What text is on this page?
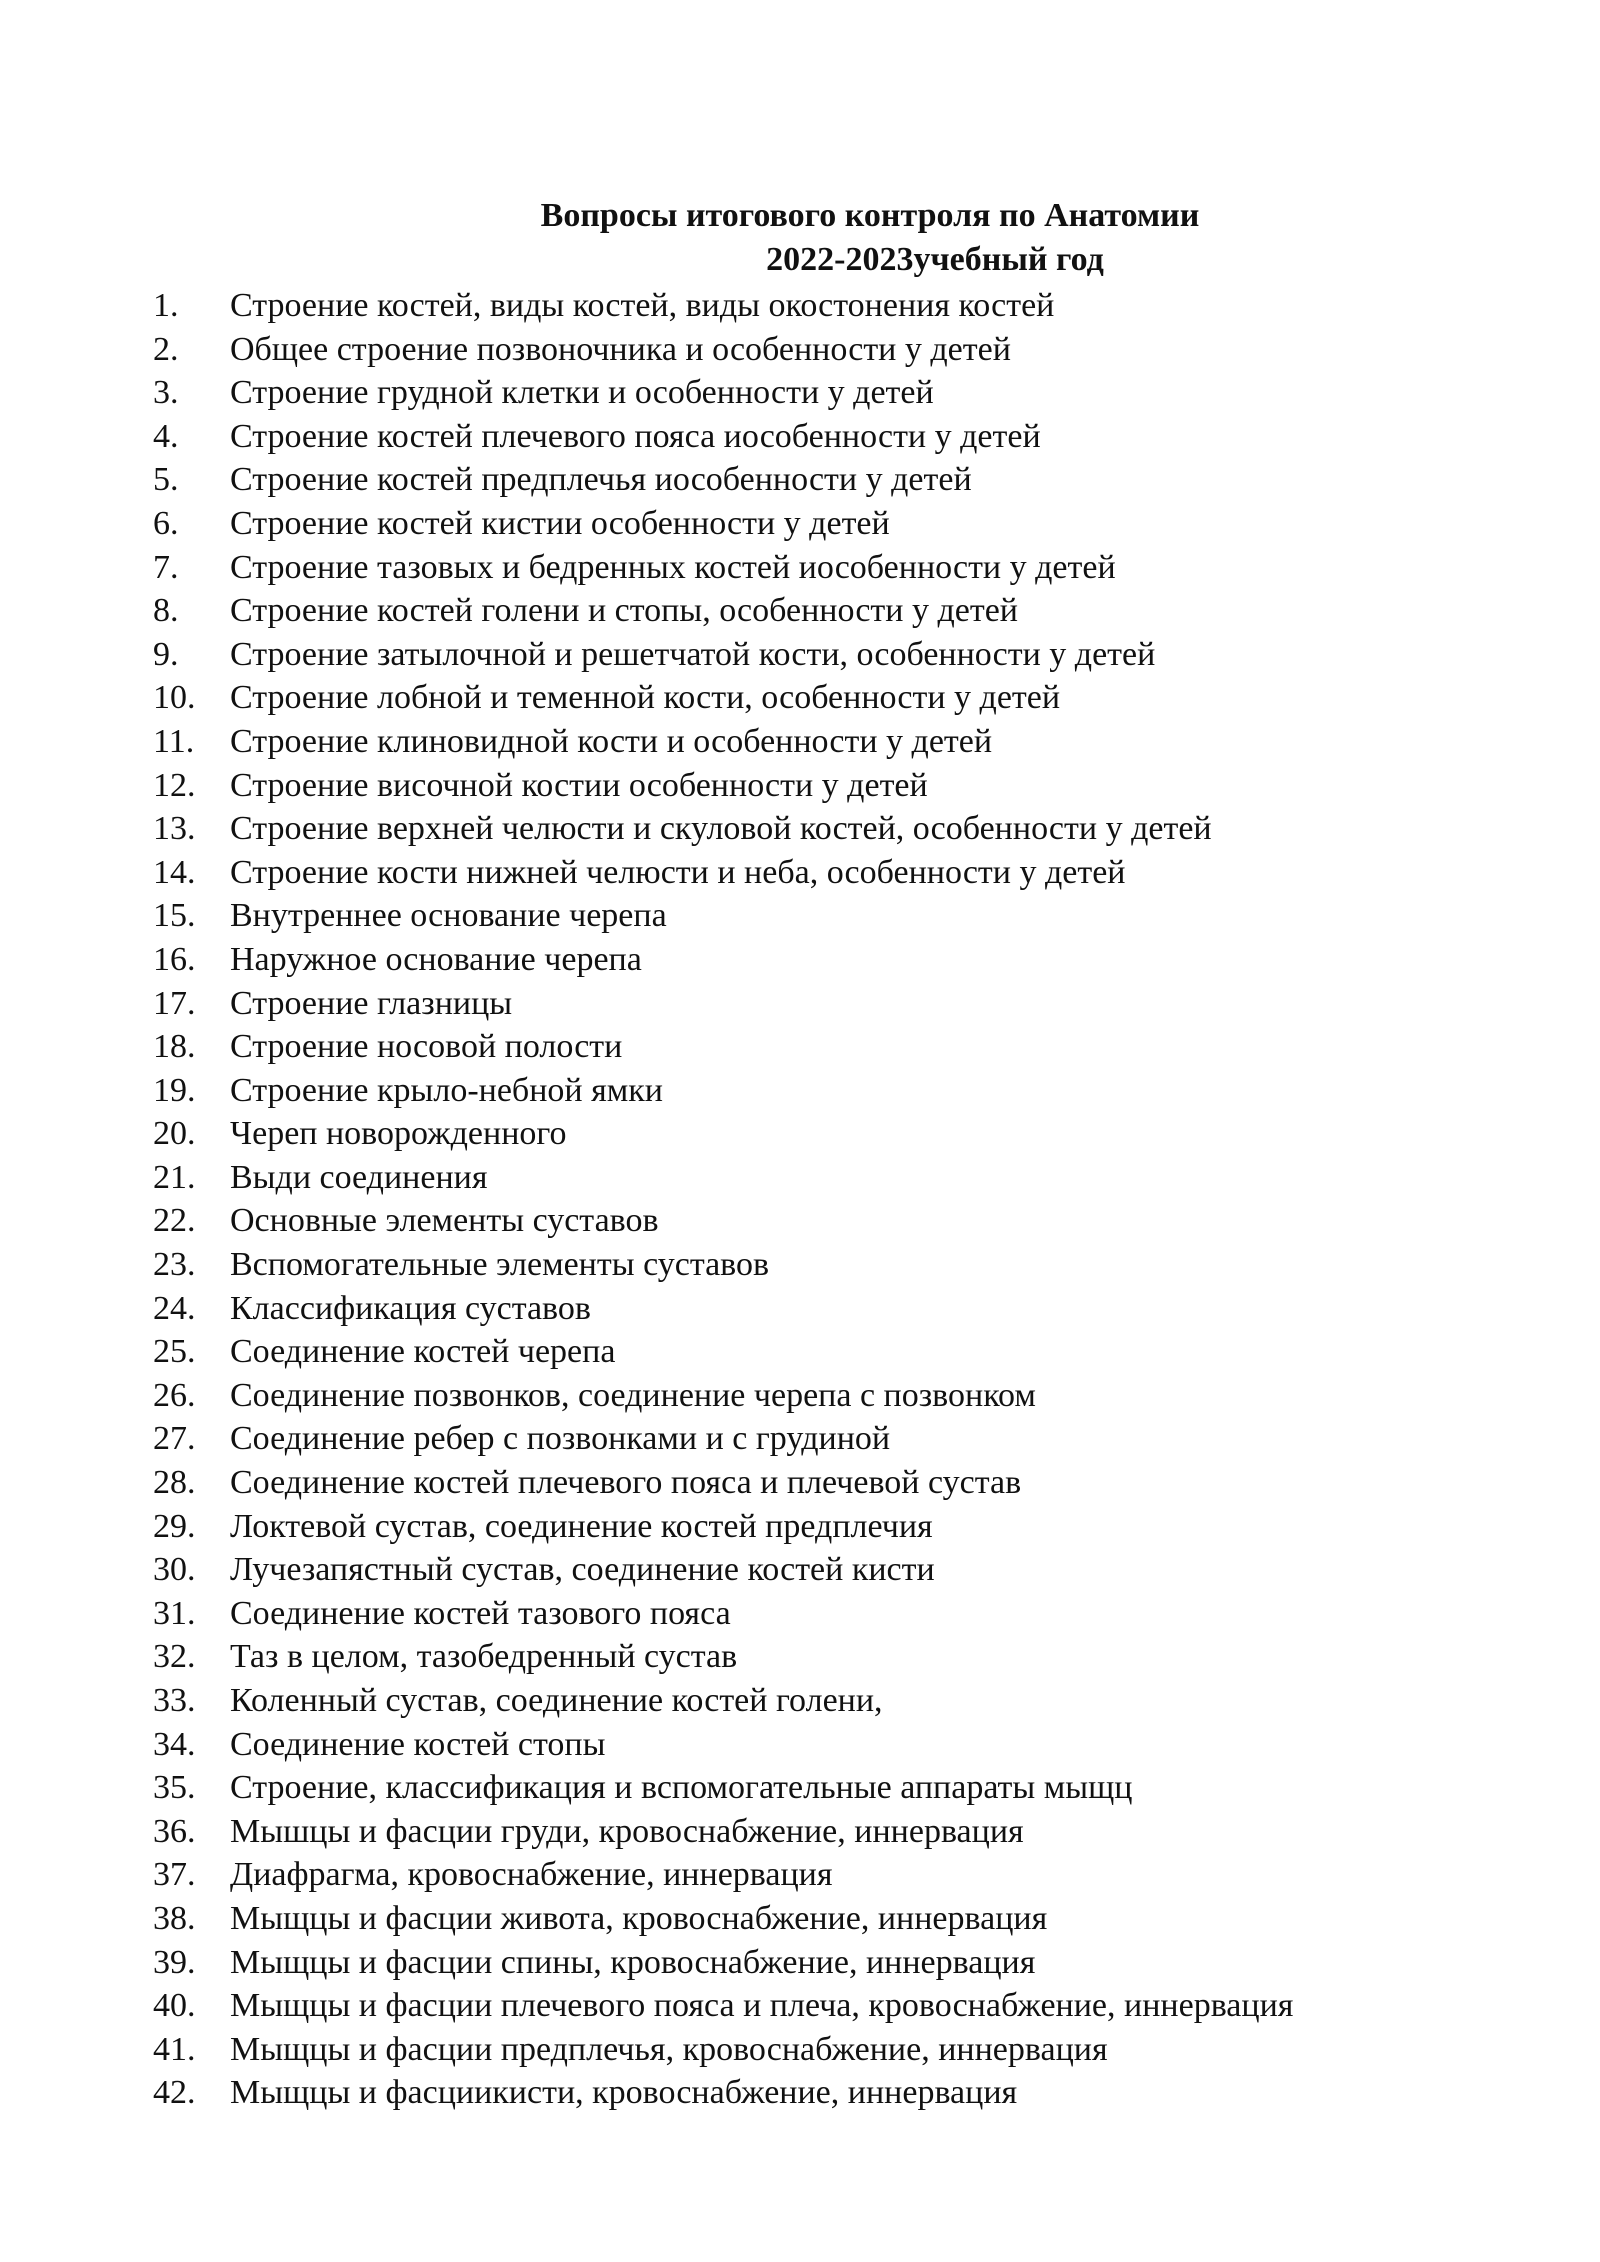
Вопросы итогового контроля по Анатомии
2022-2023учебный год
1. Строение костей, виды костей, виды окостонения костей
2. Общее строение позвоночника и особенности у детей
3. Строение грудной клетки и особенности у детей
4. Строение костей плечевого пояса иособенности у детей
5. Строение костей предплечья иособенности у детей
6. Строение костей кистии особенности у детей
7. Строение тазовых и бедренных костей иособенности у детей
8. Строение костей голени и стопы, особенности у детей
9. Строение затылочной и решетчатой кости, особенности у детей
10. Строение лобной и теменной кости, особенности у детей
11. Строение клиновидной кости и особенности у детей
12. Строение височной костии особенности у детей
13. Строение верхней челюсти и скуловой костей, особенности у детей
14. Строение кости нижней челюсти и неба, особенности у детей
15. Внутреннее основание черепа
16. Наружное основание черепа
17. Строение глазницы
18. Строение носовой полости
19. Строение крыло-небной ямки
20. Череп новорожденного
21. Выди соединения
22. Основные элементы суставов
23. Вспомогательные элементы суставов
24. Классификация суставов
25. Соединение костей черепа
26. Соединение позвонков, соединение черепа с позвонком
27. Соединение ребер с позвонками и с грудиной
28. Соединение костей плечевого пояса и плечевой сустав
29. Локтевой сустав, соединение костей предплечия
30. Лучезапястный сустав, соединение костей кисти
31. Соединение костей тазового пояса
32. Таз в целом, тазобедренный сустав
33. Коленный сустав, соединение костей голени,
34. Соединение костей стопы
35. Строение, классификация и вспомогательные аппараты мыщц
36. Мышцы и фасции груди, кровоснабжение, иннервация
37. Диафрагма, кровоснабжение, иннервация
38. Мыщцы и фасции живота, кровоснабжение, иннервация
39. Мыщцы и фасции спины, кровоснабжение, иннервация
40. Мыщцы и фасции плечевого пояса и плеча, кровоснабжение, иннервация
41. Мыщцы и фасции предплечья, кровоснабжение, иннервация
42. Мыщцы и фасциикисти, кровоснабжение, иннервация
